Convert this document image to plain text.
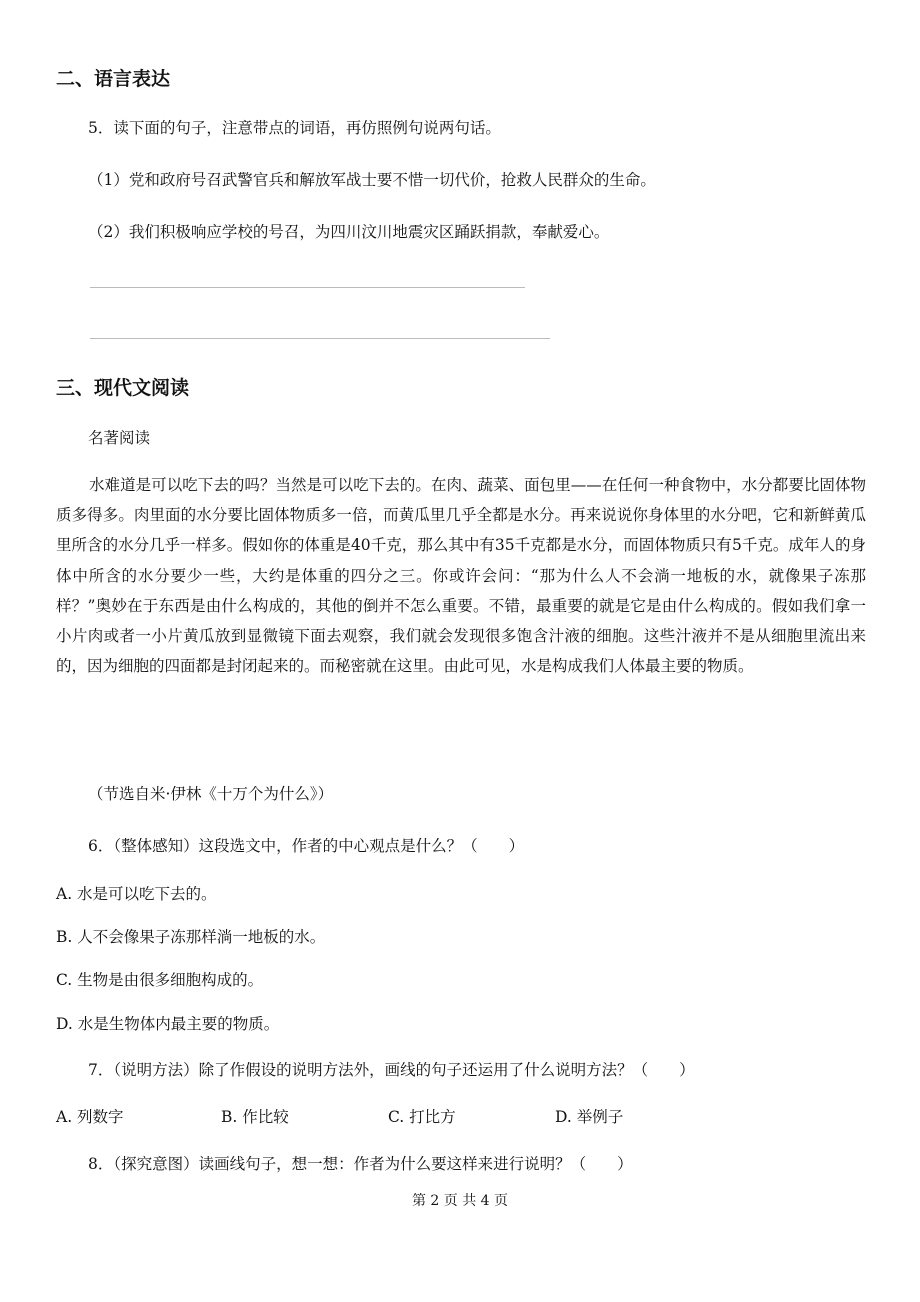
二、语言表达
5．读下面的句子，注意带点的词语，再仿照例句说两句话。
（1）党和政府号召武警官兵和解放军战士要不惜一切代价，抢救人民群众的生命。
（2）我们积极响应学校的号召，为四川汶川地震灾区踊跃捐款，奉献爱心。
三、现代文阅读
名著阅读
水难道是可以吃下去的吗？当然是可以吃下去的。在肉、蔬菜、面包里——在任何一种食物中，水分都要比固体物质多得多。肉里面的水分要比固体物质多一倍，而黄瓜里几乎全都是水分。再来说说你身体里的水分吧，它和新鲜黄瓜里所含的水分几乎一样多。假如你的体重是40千克，那么其中有35千克都是水分，而固体物质只有5千克。成年人的身体中所含的水分要少一些，大约是体重的四分之三。你或许会问：“那为什么人不会淌一地板的水，就像果子冻那样？”奥妙在于东西是由什么构成的，其他的倒并不怎么重要。不错，最重要的就是它是由什么构成的。假如我们拿一小片肉或者一小片黄瓜放到显微镜下面去观察，我们就会发现很多饱含汁液的细胞。这些汁液并不是从细胞里流出来的，因为细胞的四面都是封闭起来的。而秘密就在这里。由此可见，水是构成我们人体最主要的物质。
（节选自米·伊林《十万个为什么》）
6．（整体感知）这段选文中，作者的中心观点是什么？（　　）
A. 水是可以吃下去的。
B. 人不会像果子冻那样淌一地板的水。
C. 生物是由很多细胞构成的。
D. 水是生物体内最主要的物质。
7．（说明方法）除了作假设的说明方法外，画线的句子还运用了什么说明方法？（　　）
A. 列数字	B. 作比较	C. 打比方	D. 举例子
8．（探究意图）读画线句子，想一想：作者为什么要这样来进行说明？（　　）
第 2 页 共 4 页
